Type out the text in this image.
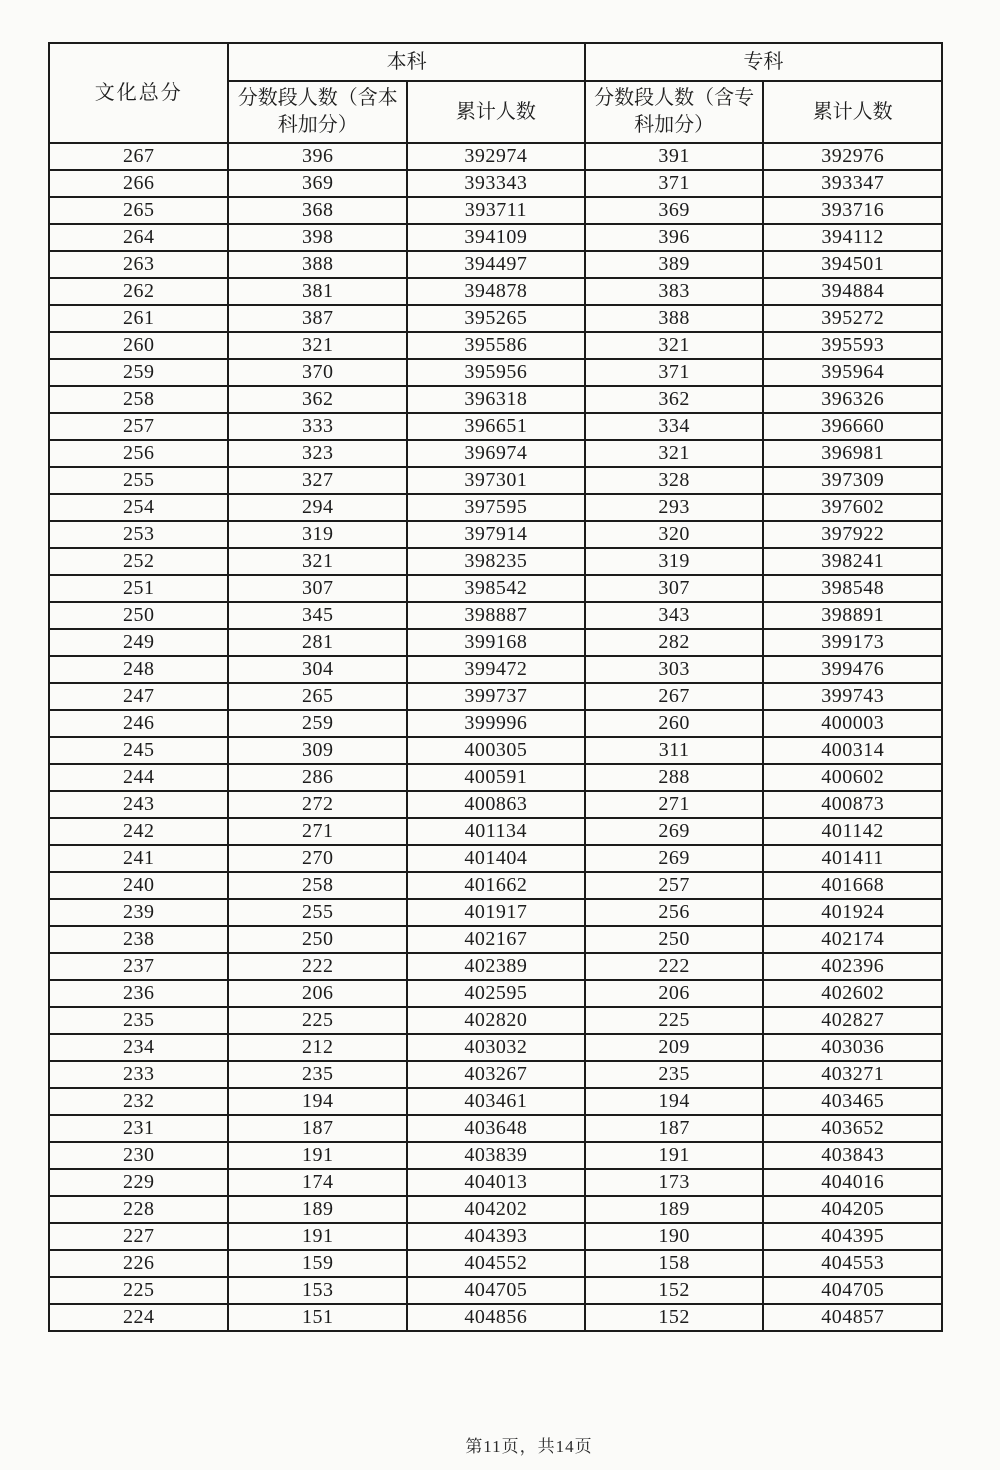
文化总分	本科		专科	
	分数段人数（含本科加分）	累计人数	分数段人数（含专科加分）	累计人数
267	396	392974	391	392976
266	369	393343	371	393347
265	368	393711	369	393716
264	398	394109	396	394112
263	388	394497	389	394501
262	381	394878	383	394884
261	387	395265	388	395272
260	321	395586	321	395593
259	370	395956	371	395964
258	362	396318	362	396326
257	333	396651	334	396660
256	323	396974	321	396981
255	327	397301	328	397309
254	294	397595	293	397602
253	319	397914	320	397922
252	321	398235	319	398241
251	307	398542	307	398548
250	345	398887	343	398891
249	281	399168	282	399173
248	304	399472	303	399476
247	265	399737	267	399743
246	259	399996	260	400003
245	309	400305	311	400314
244	286	400591	288	400602
243	272	400863	271	400873
242	271	401134	269	401142
241	270	401404	269	401411
240	258	401662	257	401668
239	255	401917	256	401924
238	250	402167	250	402174
237	222	402389	222	402396
236	206	402595	206	402602
235	225	402820	225	402827
234	212	403032	209	403036
233	235	403267	235	403271
232	194	403461	194	403465
231	187	403648	187	403652
230	191	403839	191	403843
229	174	404013	173	404016
228	189	404202	189	404205
227	191	404393	190	404395
226	159	404552	158	404553
225	153	404705	152	404705
224	151	404856	152	404857
第11页，共14页
